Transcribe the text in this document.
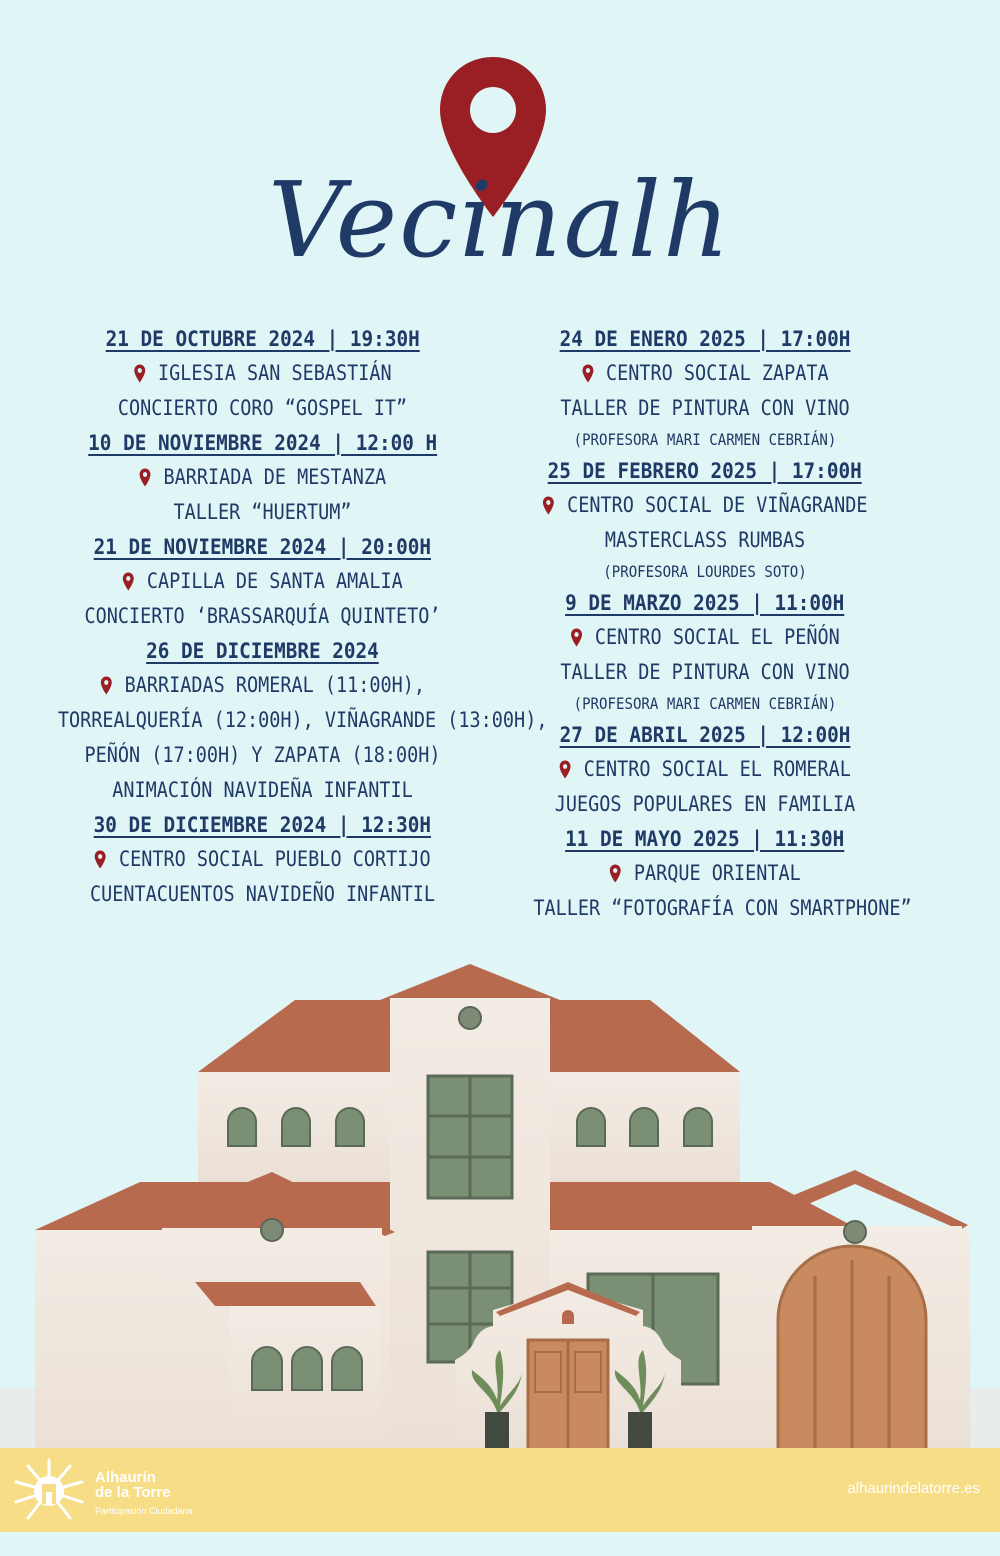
Vecinalh
21 DE OCTUBRE 2024 | 19:30H
IGLESIA SAN SEBASTIÁN
CONCIERTO CORO “GOSPEL IT”
10 DE NOVIEMBRE 2024 | 12:00 H
BARRIADA DE MESTANZA
TALLER “HUERTUM”
21 DE NOVIEMBRE 2024 | 20:00H
CAPILLA DE SANTA AMALIA
CONCIERTO ‘BRASSARQUÍA QUINTETO’
26 DE DICIEMBRE 2024
BARRIADAS ROMERAL (11:00H),
TORREALQUERÍA (12:00H), VIÑAGRANDE (13:00H),
PEÑÓN (17:00H) Y ZAPATA (18:00H)
ANIMACIÓN NAVIDEÑA INFANTIL
30 DE DICIEMBRE 2024 | 12:30H
CENTRO SOCIAL PUEBLO CORTIJO
CUENTACUENTOS NAVIDEÑO INFANTIL
24 DE ENERO 2025 | 17:00H
CENTRO SOCIAL ZAPATA
TALLER DE PINTURA CON VINO
(PROFESORA MARI CARMEN CEBRIÁN)
25 DE FEBRERO 2025 | 17:00H
CENTRO SOCIAL DE VIÑAGRANDE
MASTERCLASS RUMBAS
(PROFESORA LOURDES SOTO)
9 DE MARZO 2025 | 11:00H
CENTRO SOCIAL EL PEÑÓN
TALLER DE PINTURA CON VINO
(PROFESORA MARI CARMEN CEBRIÁN)
27 DE ABRIL 2025 | 12:00H
CENTRO SOCIAL EL ROMERAL
JUEGOS POPULARES EN FAMILIA
11 DE MAYO 2025 | 11:30H
PARQUE ORIENTAL
TALLER “FOTOGRAFÍA CON SMARTPHONE”
Alhaurín
de la Torre
Participación Ciudadana
alhaurindelatorre.es
